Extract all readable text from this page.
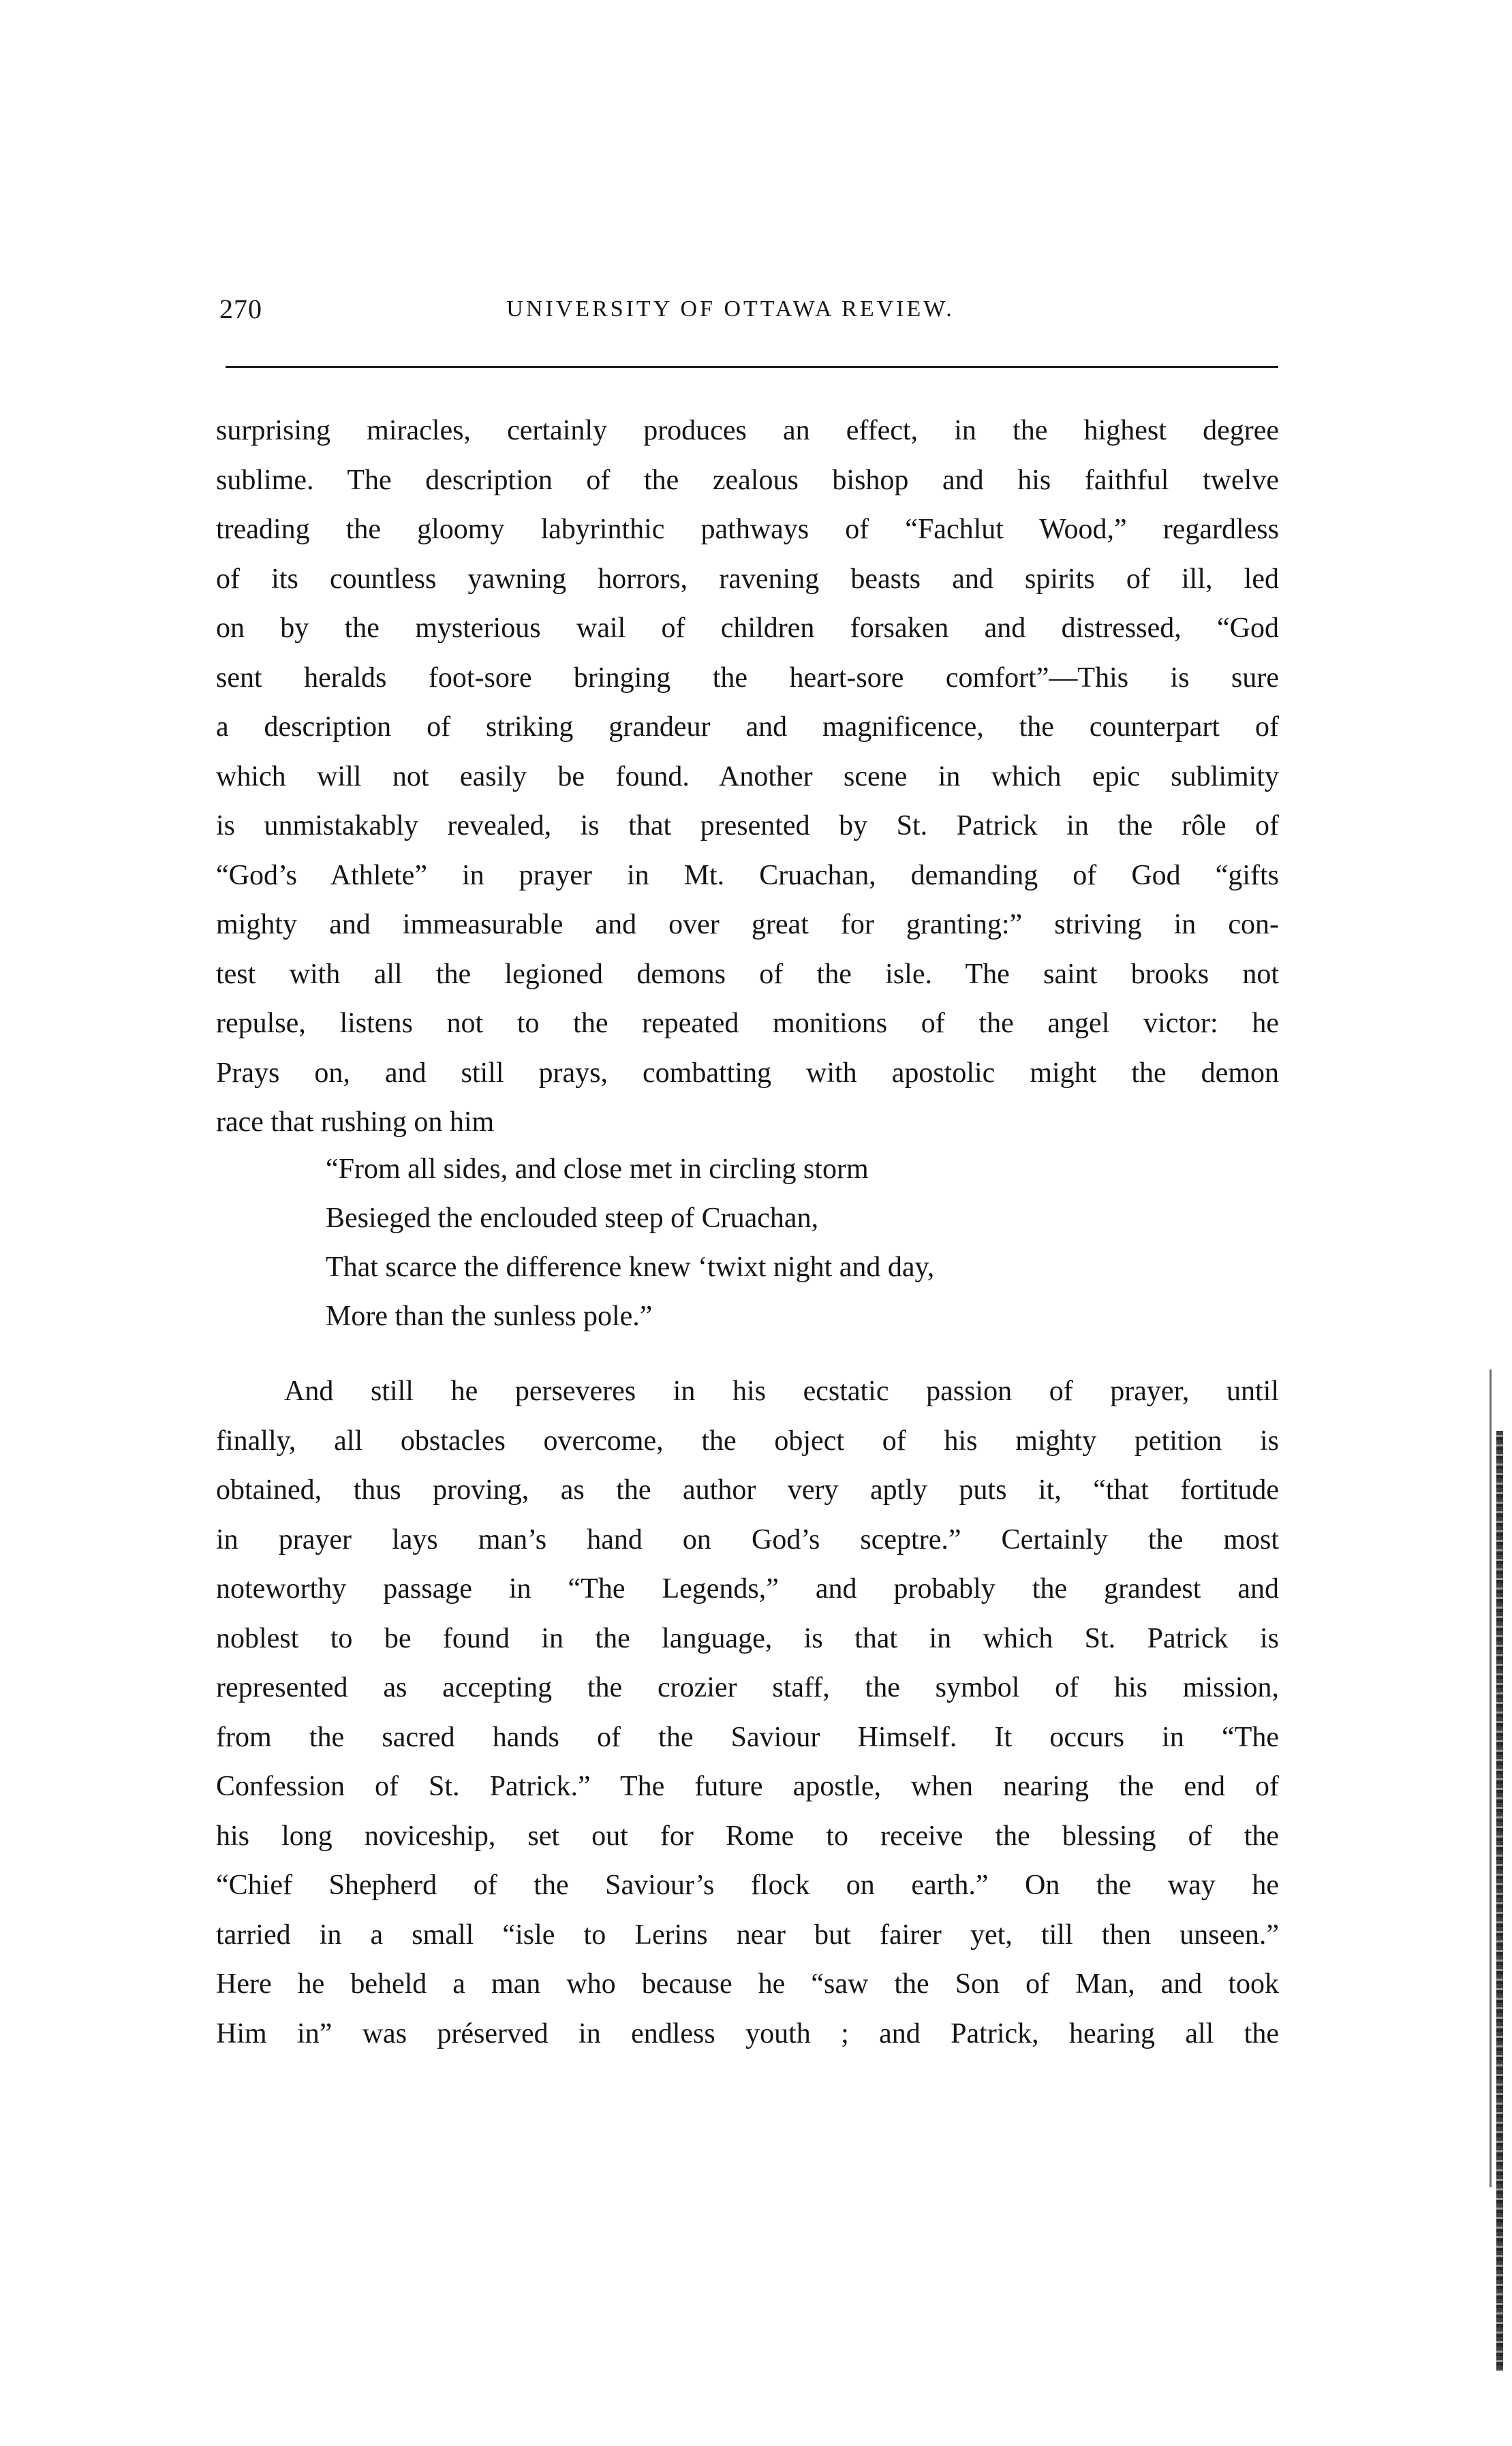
270	UNIVERSITY OF OTTAWA REVIEW.
surprising miracles, certainly produces an effect, in the highest degree
sublime. The description of the zealous bishop and his faithful twelve
treading the gloomy labyrinthic pathways of “Fachlut Wood,” regardless
of its countless yawning horrors, ravening beasts and spirits of ill, led
on by the mysterious wail of children forsaken and distressed, “God
sent heralds foot-sore bringing the heart-sore comfort”—This is sure
a description of striking grandeur and magnificence, the counterpart of
which will not easily be found. Another scene in which epic sublimity
is unmistakably revealed, is that presented by St. Patrick in the rôle of
“God’s Athlete” in prayer in Mt. Cruachan, demanding of God “gifts
mighty and immeasurable and over great for granting:” striving in con-
test with all the legioned demons of the isle. The saint brooks not
repulse, listens not to the repeated monitions of the angel victor: he
Prays on, and still prays, combatting with apostolic might the demon
race that rushing on him
“From all sides, and close met in circling storm
Besieged the enclouded steep of Cruachan,
That scarce the difference knew ‘twixt night and day,
More than the sunless pole.”
And still he perseveres in his ecstatic passion of prayer, until
finally, all obstacles overcome, the object of his mighty petition is
obtained, thus proving, as the author very aptly puts it, “that fortitude
in prayer lays man’s hand on God’s sceptre.” Certainly the most
noteworthy passage in “The Legends,” and probably the grandest and
noblest to be found in the language, is that in which St. Patrick is
represented as accepting the crozier staff, the symbol of his mission,
from the sacred hands of the Saviour Himself. It occurs in “The
Confession of St. Patrick.” The future apostle, when nearing the end of
his long noviceship, set out for Rome to receive the blessing of the
“Chief Shepherd of the Saviour’s flock on earth.” On the way he
tarried in a small “isle to Lerins near but fairer yet, till then unseen.”
Here he beheld a man who because he “saw the Son of Man, and took
Him in” was préserved in endless youth ; and Patrick, hearing all the
